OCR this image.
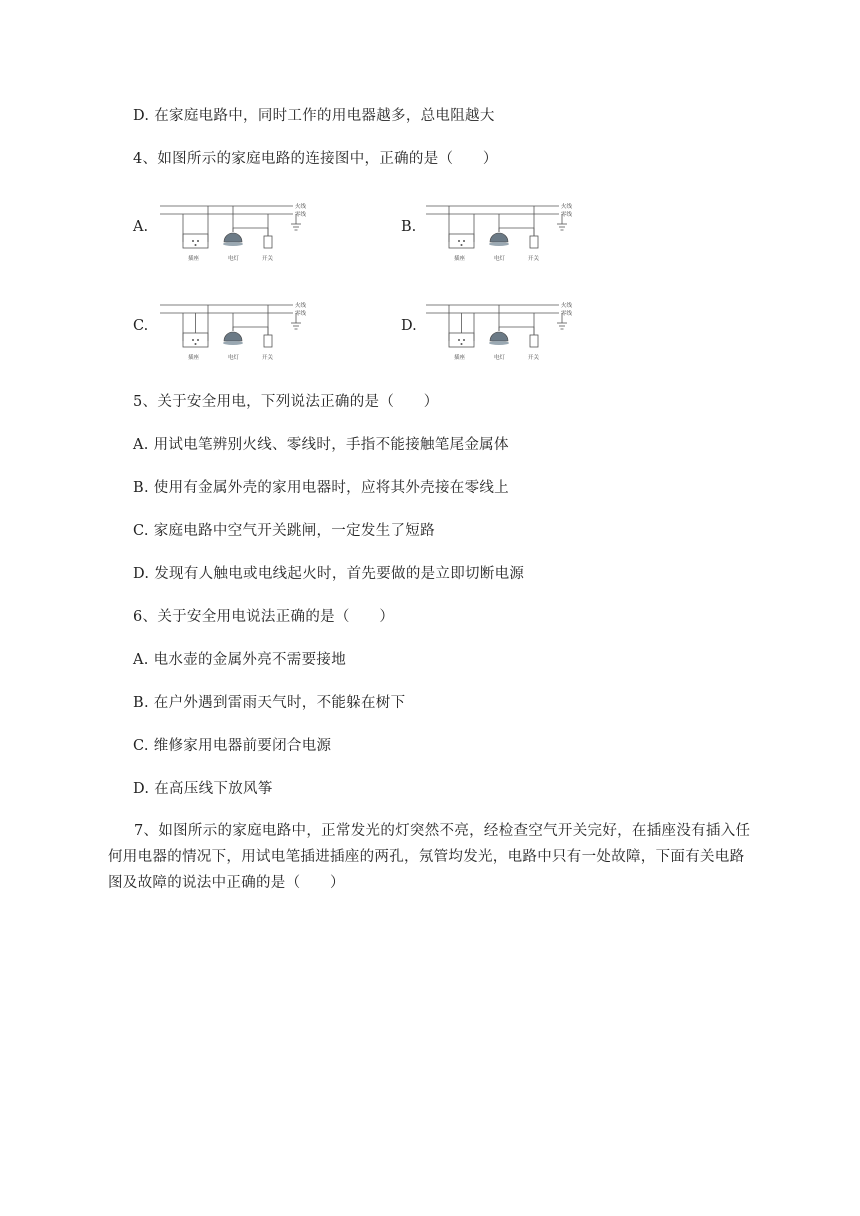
D. 在家庭电路中，同时工作的用电器越多，总电阻越大
4、如图所示的家庭电路的连接图中，正确的是（　　）
A.	B.
C.	D.
火线
零线
插座	电灯	开关
火线
零线
插座	电灯	开关
火线
零线
插座	电灯	开关
火线
零线
插座	电灯	开关
5、关于安全用电，下列说法正确的是（　　）
A. 用试电笔辨别火线、零线时，手指不能接触笔尾金属体
B. 使用有金属外壳的家用电器时，应将其外壳接在零线上
C. 家庭电路中空气开关跳闸，一定发生了短路
D. 发现有人触电或电线起火时，首先要做的是立即切断电源
6、关于安全用电说法正确的是（　　）
A. 电水壶的金属外亮不需要接地
B. 在户外遇到雷雨天气时，不能躲在树下
C. 维修家用电器前要闭合电源
D. 在高压线下放风筝
7、如图所示的家庭电路中，正常发光的灯突然不亮，经检查空气开关完好，在插座没有插入任何用电器的情况下，用试电笔插进插座的两孔，氖管均发光，电路中只有一处故障，下面有关电路图及故障的说法中正确的是（　　）
